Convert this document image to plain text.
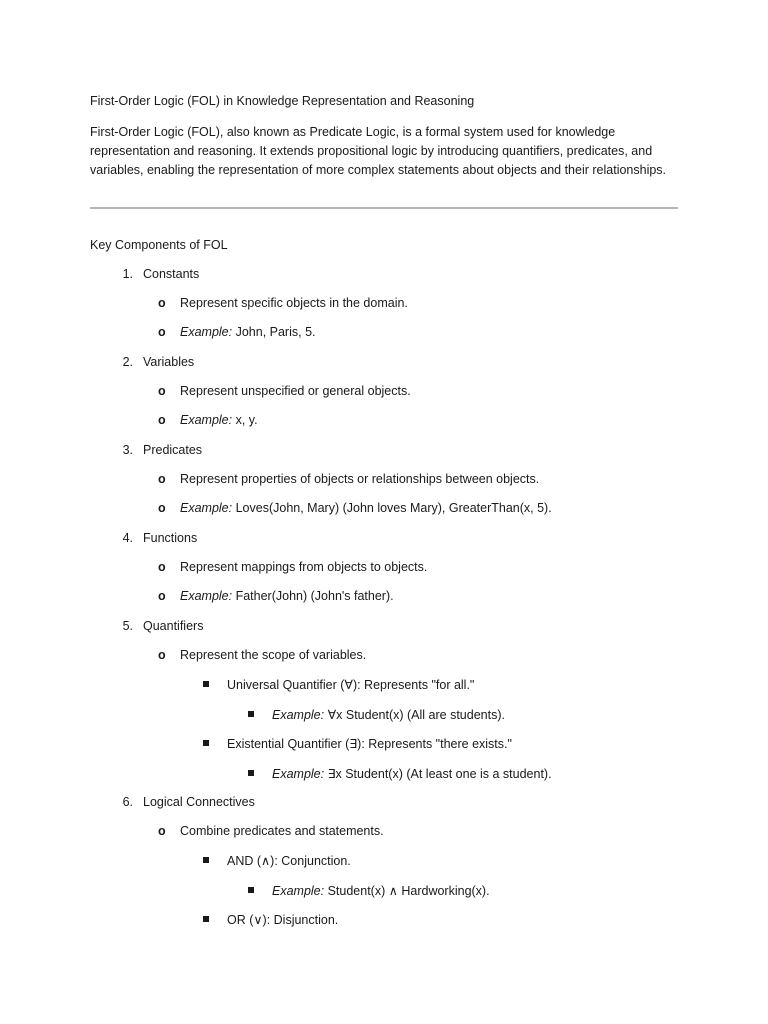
First-Order Logic (FOL) in Knowledge Representation and Reasoning
First-Order Logic (FOL), also known as Predicate Logic, is a formal system used for knowledge representation and reasoning. It extends propositional logic by introducing quantifiers, predicates, and variables, enabling the representation of more complex statements about objects and their relationships.
Key Components of FOL
1. Constants
o	Represent specific objects in the domain.
o	Example:
John, Paris, 5.
2. Variables
o	Represent unspecified or general objects.
o	Example:
x, y.
3. Predicates
o	Represent properties of objects or relationships between objects.
o	Example:
Loves(John, Mary) (John loves Mary), GreaterThan(x, 5).
4. Functions
o	Represent mappings from objects to objects.
o	Example:
Father(John) (John's father).
5. Quantifiers
o	Represent the scope of variables.
Universal Quantifier (∀): Represents "for all."
Example:
∀x Student(x) (All are students).
Existential Quantifier (∃): Represents "there exists."
Example:
∃x Student(x) (At least one is a student).
6. Logical Connectives
o	Combine predicates and statements.
AND (∧): Conjunction.
Example:
Student(x) ∧ Hardworking(x).
OR (∨): Disjunction.
